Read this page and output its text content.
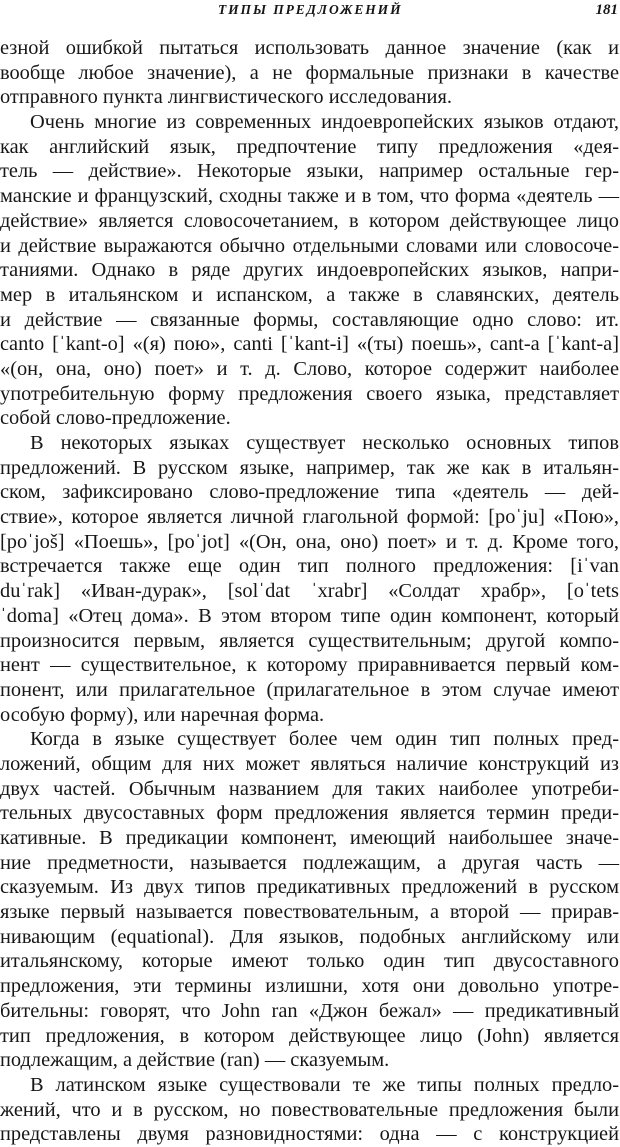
ТИПЫ ПРЕДЛОЖЕНИЙ	181
езной ошибкой пытаться использовать данное значение (как и
вообще любое значение), а не формальные признаки в качестве
отправного пункта лингвистического исследования.
Очень многие из современных индоевропейских языков отдают,
как английский язык, предпочтение типу предложения «дея-
тель — действие». Некоторые языки, например остальные гер-
манские и французский, сходны также и в том, что форма «деятель —
действие» является словосочетанием, в котором действующее лицо
и действие выражаются обычно отдельными словами или словосоче-
таниями. Однако в ряде других индоевропейских языков, напри-
мер в итальянском и испанском, а также в славянских, деятель
и действие — связанные формы, составляющие одно слово: ит.
canto [ˈkant-o] «(я) пою», canti [ˈkant-i] «(ты) поешь», cant-a [ˈkant-a]
«(он, она, оно) поет» и т. д. Слово, которое содержит наиболее
употребительную форму предложения своего языка, представляет
собой слово-предложение.
В некоторых языках существует несколько основных типов
предложений. В русском языке, например, так же как в итальян-
ском, зафиксировано слово-предложение типа «деятель — дей-
ствие», которое является личной глагольной формой: [poˈju] «Пою»,
[poˈjoš] «Поешь», [poˈjot] «(Он, она, оно) поет» и т. д. Кроме того,
встречается также еще один тип полного предложения: [iˈvan
duˈrak] «Иван-дурак», [solˈdat ˈxrabr] «Солдат храбр», [oˈtets
ˈdoma] «Отец дома». В этом втором типе один компонент, который
произносится первым, является существительным; другой компо-
нент — существительное, к которому приравнивается первый ком-
понент, или прилагательное (прилагательное в этом случае имеют
особую форму), или наречная форма.
Когда в языке существует более чем один тип полных пред-
ложений, общим для них может являться наличие конструкций из
двух частей. Обычным названием для таких наиболее употреби-
тельных двусоставных форм предложения является термин преди-
кативные. В предикации компонент, имеющий наибольшее значе-
ние предметности, называется подлежащим, а другая часть —
сказуемым. Из двух типов предикативных предложений в русском
языке первый называется повествовательным, а второй — прирав-
нивающим (equational). Для языков, подобных английскому или
итальянскому, которые имеют только один тип двусоставного
предложения, эти термины излишни, хотя они довольно употре-
бительны: говорят, что John ran «Джон бежал» — предикативный
тип предложения, в котором действующее лицо (John) является
подлежащим, а действие (ran) — сказуемым.
В латинском языке существовали те же типы полных предло-
жений, что и в русском, но повествовательные предложения были
представлены двумя разновидностями: одна — с конструкцией
